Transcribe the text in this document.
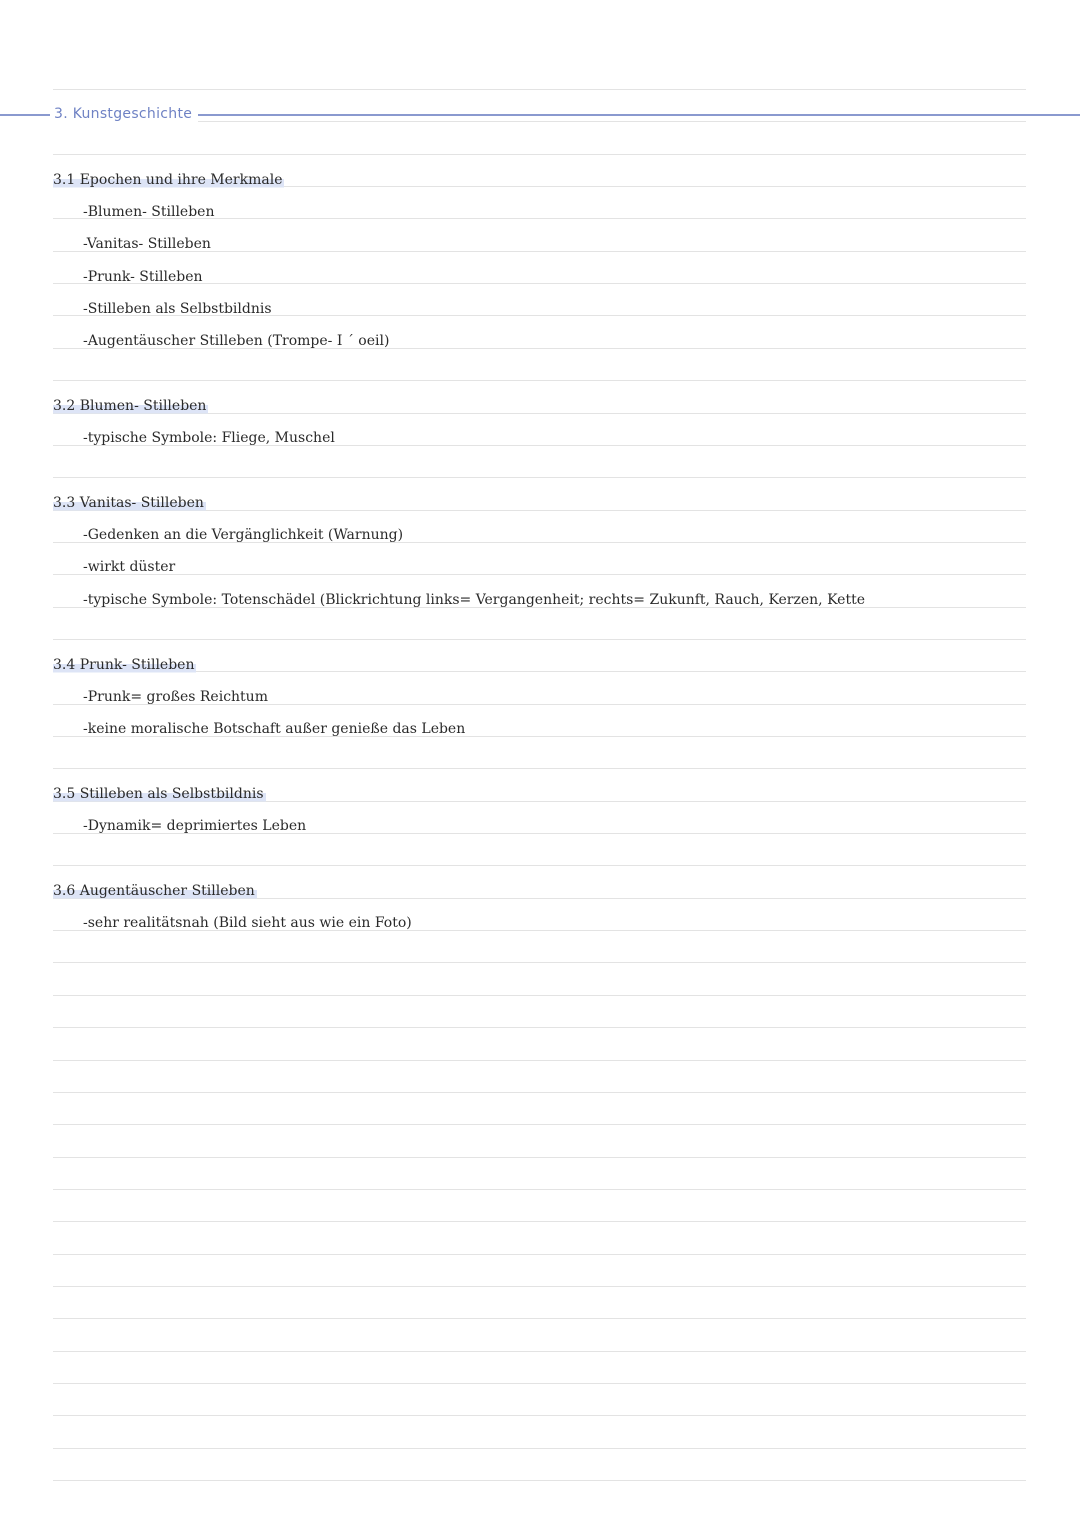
3. Kunstgeschichte
3.1 Epochen und ihre Merkmale
-Blumen- Stilleben
-Vanitas- Stilleben
-Prunk- Stilleben
-Stilleben als Selbstbildnis
-Augentäuscher Stilleben (Trompe- I ´ oeil)
3.2 Blumen- Stilleben
-typische Symbole: Fliege, Muschel
3.3 Vanitas- Stilleben
-Gedenken an die Vergänglichkeit (Warnung)
-wirkt düster
-typische Symbole: Totenschädel (Blickrichtung links= Vergangenheit; rechts= Zukunft, Rauch, Kerzen, Kette
3.4 Prunk- Stilleben
-Prunk= großes Reichtum
-keine moralische Botschaft außer genieße das Leben
3.5 Stilleben als Selbstbildnis
-Dynamik= deprimiertes Leben
3.6 Augentäuscher Stilleben
-sehr realitätsnah (Bild sieht aus wie ein Foto)
